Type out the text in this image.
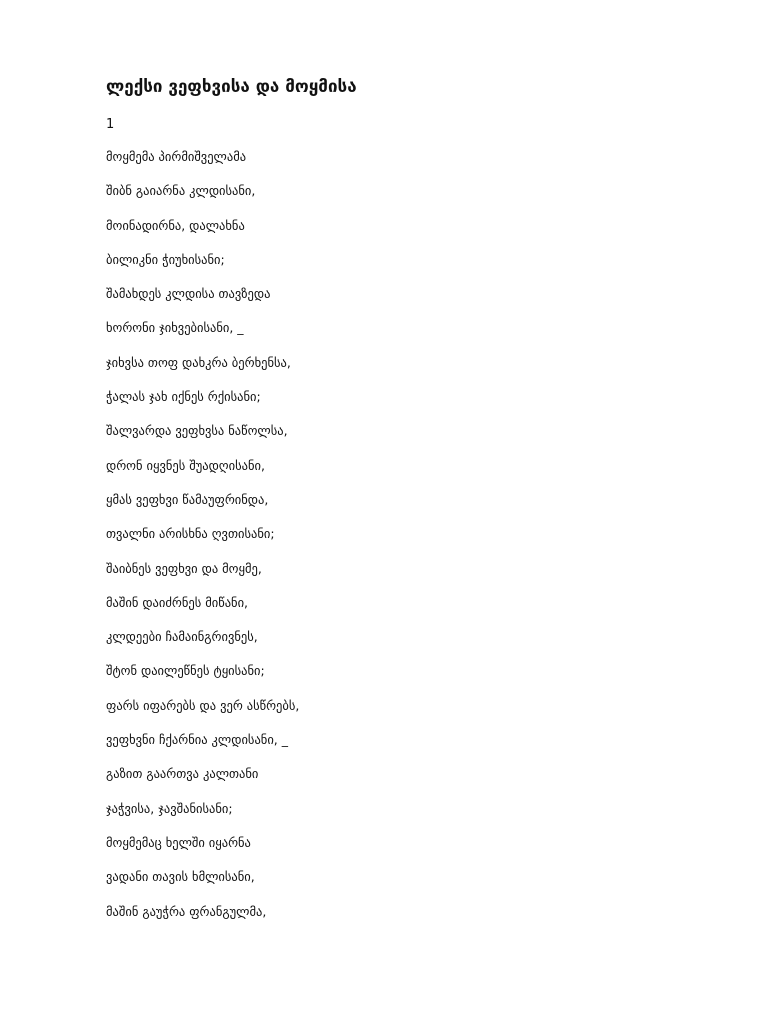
ლექსი ვეფხვისა და მოყმისა
1
მოყმემა პირმიშველამა
შიბნ გაიარნა კლდისანი,
მოინადირნა, დალახნა
ბილიკნი ჭიუხისანი;
შამახდეს კლდისა თავზედა
ხორონი ჯიხვებისანი, _
ჯიხვსა თოფ დახკრა ბერხენსა,
ჭალას ჯახ იქნეს რქისანი;
შალვარდა ვეფხვსა ნაწოლსა,
დრონ იყვნეს შუადღისანი,
ყმას ვეფხვი წამაუფრინდა,
თვალნი არისხნა ღვთისანი;
შაიბნეს ვეფხვი და მოყმე,
მაშინ დაიძრნეს მიწანი,
კლდეები ჩამაინგრივნეს,
შტონ დაილეწნეს ტყისანი;
ფარს იფარებს და ვერ ასწრებს,
ვეფხვნი ჩქარნია კლდისანი, _
გაზით გაართვა კალთანი
ჯაჭვისა, ჯავშანისანი;
მოყმემაც ხელში იყარნა
ვადანი თავის ხმლისანი,
მაშინ გაუჭრა ფრანგულმა,
